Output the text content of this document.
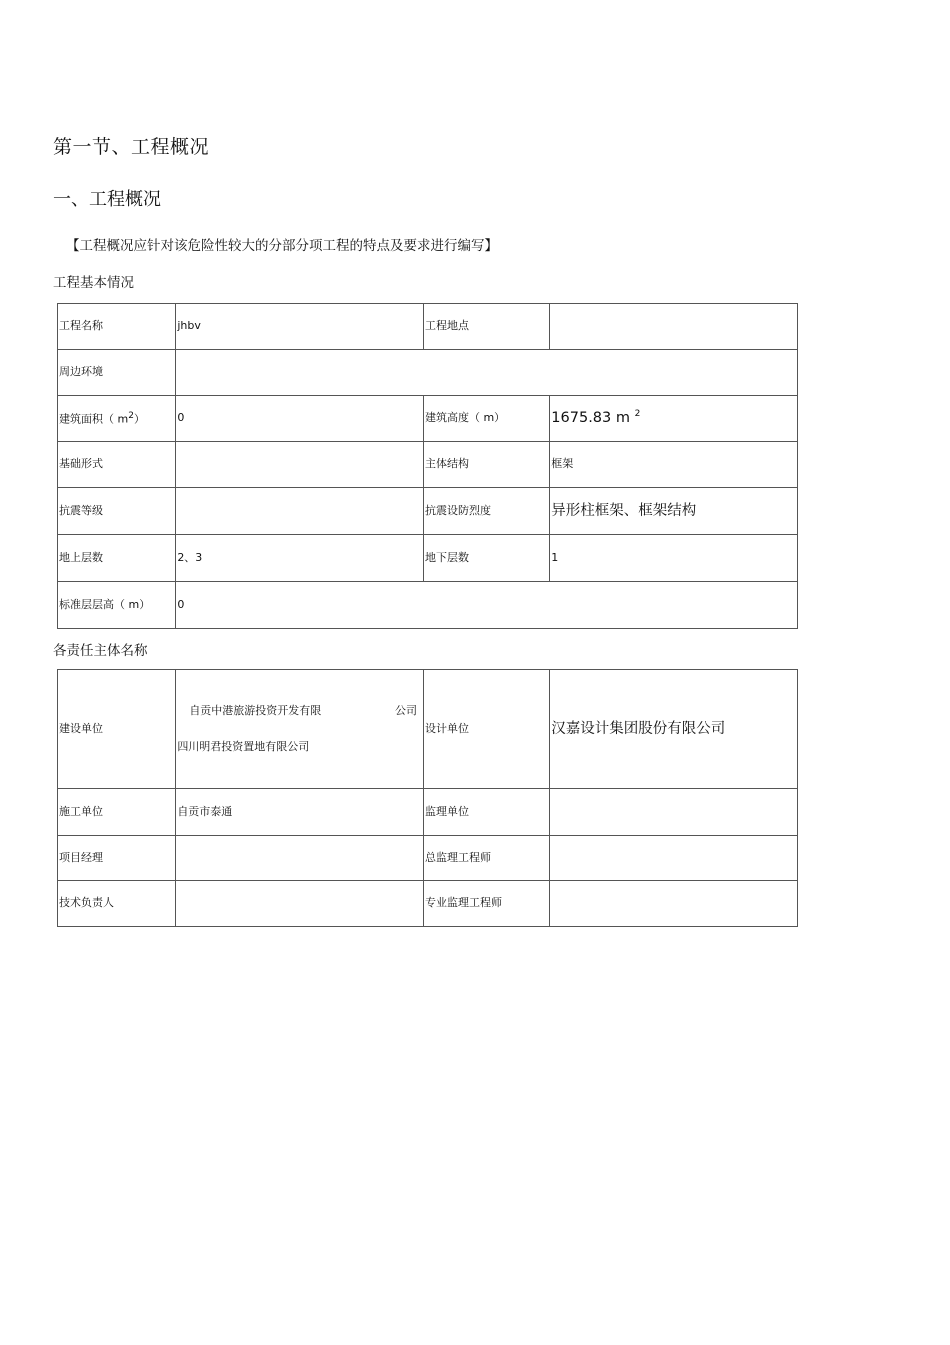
第一节、工程概况
一、工程概况
【工程概况应针对该危险性较大的分部分项工程的特点及要求进行编写】
工程基本情况
工程名称	jhbv	工程地点	
周边环境			
建筑面积（ $m^2$）	0	建筑高度（ m）	1675.83 m $^2$
基础形式		主体结构	框架
抗震等级		抗震设防烈度	异形柱框架、框架结构
地上层数	2、3	地下层数	1
标准层层高（ m）	0		
各责任主体名称
建设单位	自贡中港旅游投资开发有限 公司
四川明君投资置地有限公司	设计单位	汉嘉设计集团股份有限公司
施工单位	自贡市泰通	监理单位	
项目经理		总监理工程师	
技术负责人		专业监理工程师	
